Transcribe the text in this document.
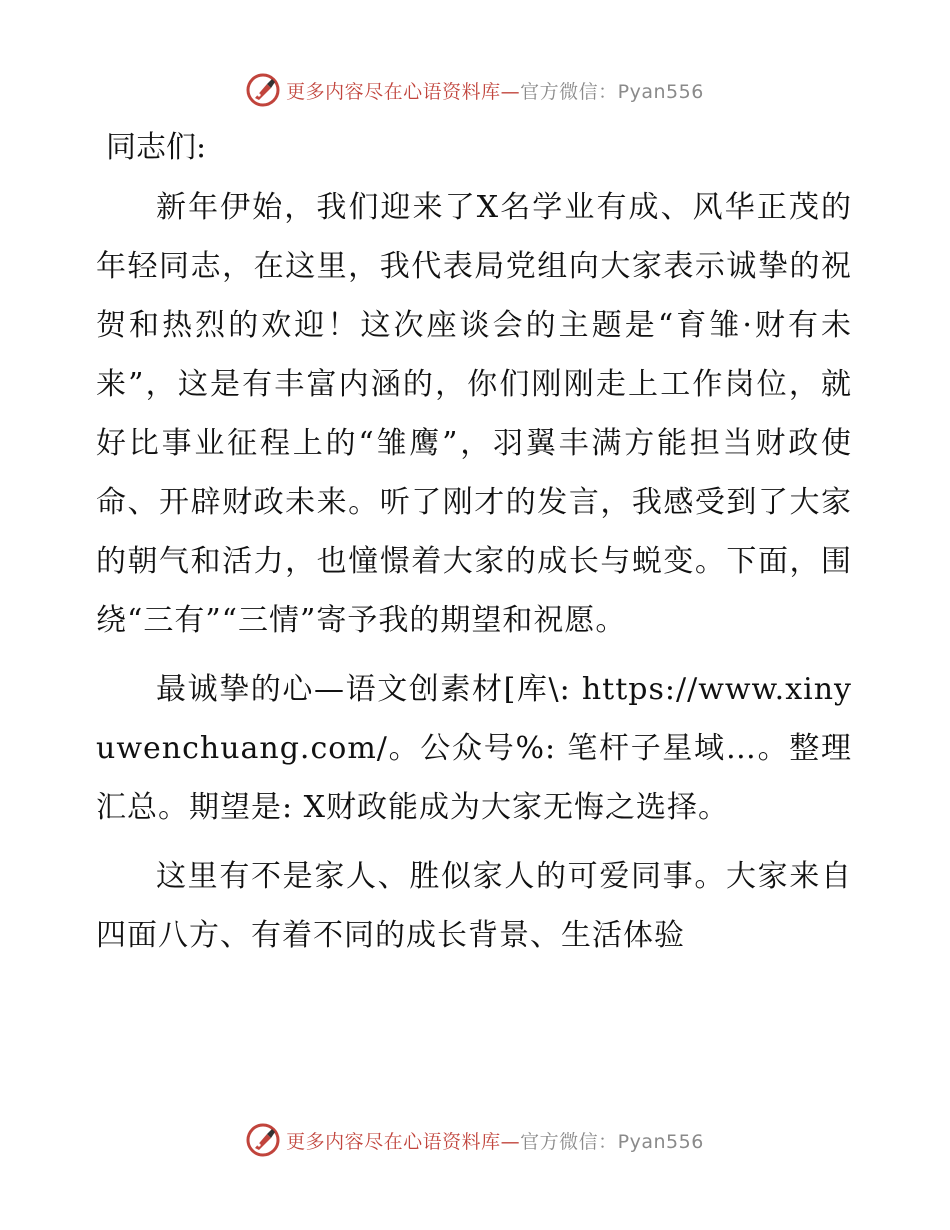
更多内容尽在心语资料库—官方微信：Pyan556
同志们:

新年伊始，我们迎来了X名学业有成、风华正茂的年轻同志，在这里，我代表局党组向大家表示诚挚的祝贺和热烈的欢迎！这次座谈会的主题是“育雏·财有未来”，这是有丰富内涵的，你们刚刚走上工作岗位，就好比事业征程上的“雏鹰”，羽翼丰满方能担当财政使命、开辟财政未来。听了刚才的发言，我感受到了大家的朝气和活力，也憧憬着大家的成长与蜕变。下面，围绕“三有”“三情”寄予我的期望和祝愿。

最诚挚的心—语文创素材[库\: https://www.xinyuwenchuang.com/。公众号%: 笔杆子星域…。整理汇总。期望是: X财政能成为大家无悔之选择。

这里有不是家人、胜似家人的可爱同事。大家来自四面八方、有着不同的成长背景、生活体验

更多内容尽在心语资料库—官方微信：Pyan556
